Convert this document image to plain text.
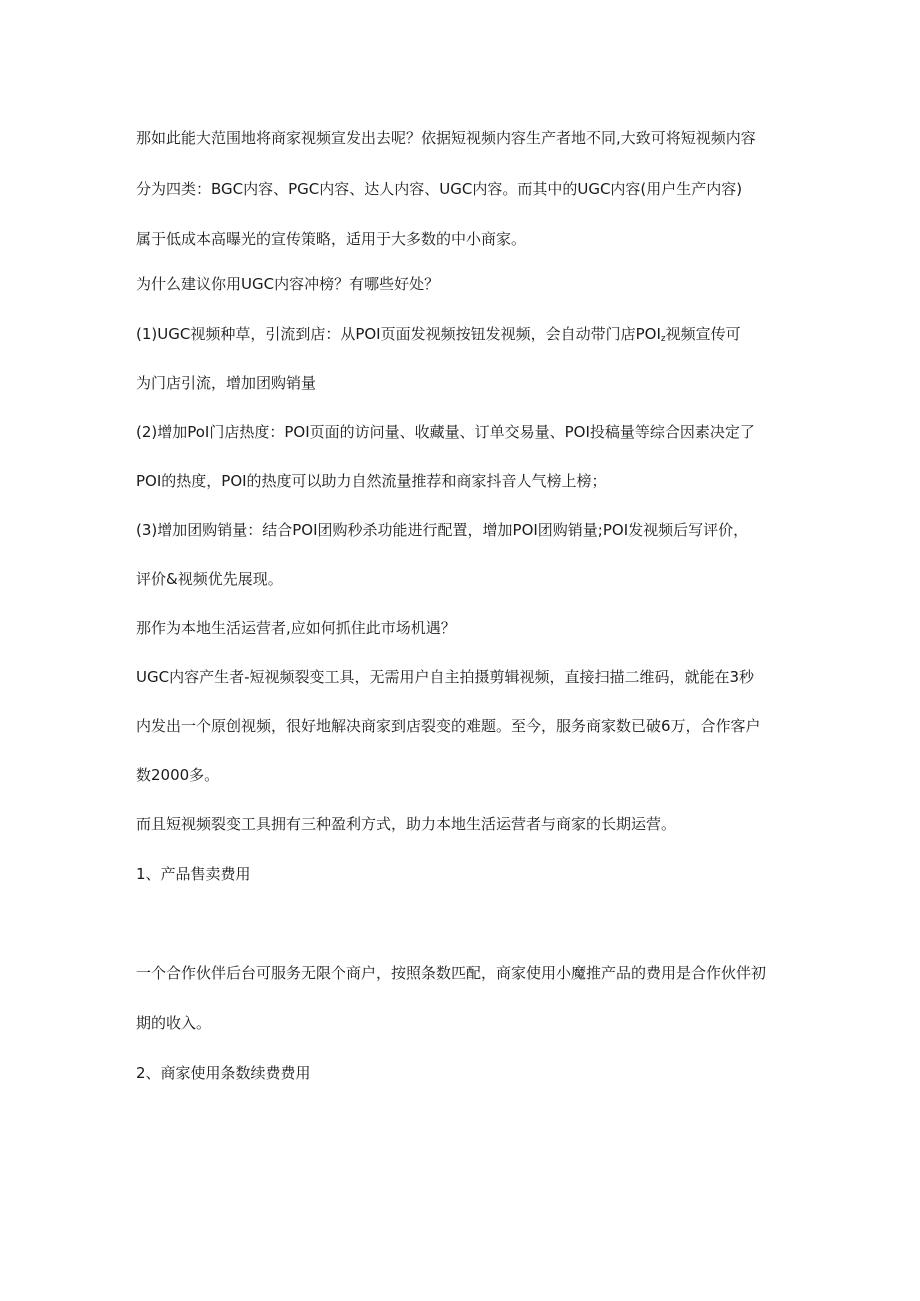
那如此能大范围地将商家视频宣发出去呢？依据短视频内容生产者地不同,大致可将短视频内容
分为四类：BGC内容、PGC内容、达人内容、UGC内容。而其中的UGC内容(用户生产内容)
属于低成本高曝光的宣传策略，适用于大多数的中小商家。
为什么建议你用UGC内容冲榜？有哪些好处？
(1)UGC视频种草，引流到店：从POI页面发视频按钮发视频，会自动带门店$POI_z$视频宣传可
为门店引流，增加团购销量
(2)增加PoI门店热度：POI页面的访问量、收藏量、订单交易量、POI投稿量等综合因素决定了
POI的热度，POI的热度可以助力自然流量推荐和商家抖音人气榜上榜；
(3)增加团购销量：结合POI团购秒杀功能进行配置，增加POI团购销量;POI发视频后写评价，
评价&视频优先展现。
那作为本地生活运营者,应如何抓住此市场机遇？
UGC内容产生者-短视频裂变工具，无需用户自主拍摄剪辑视频，直接扫描二维码，就能在3秒
内发出一个原创视频，很好地解决商家到店裂变的难题。至今，服务商家数已破6万，合作客户
数2000多。
而且短视频裂变工具拥有三种盈利方式，助力本地生活运营者与商家的长期运营。
1、产品售卖费用
一个合作伙伴后台可服务无限个商户，按照条数匹配，商家使用小魔推产品的费用是合作伙伴初
期的收入。
2、商家使用条数续费费用
